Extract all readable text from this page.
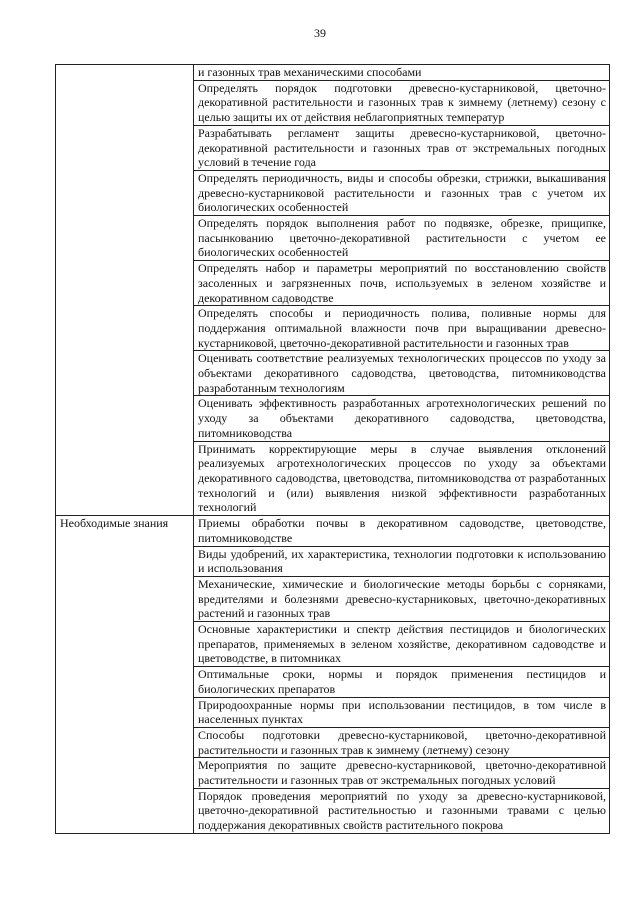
39
	и газонных трав механическими способами
	Определять порядок подготовки древесно-кустарниковой, цветочно-декоративной растительности и газонных трав к зимнему (летнему) сезону с целью защиты их от действия неблагоприятных температур
	Разрабатывать регламент защиты древесно-кустарниковой, цветочно-декоративной растительности и газонных трав от экстремальных погодных условий в течение года
	Определять периодичность, виды и способы обрезки, стрижки, выкашивания древесно-кустарниковой растительности и газонных трав с учетом их биологических особенностей
	Определять порядок выполнения работ по подвязке, обрезке, прищипке, пасынкованию цветочно-декоративной растительности с учетом ее биологических особенностей
	Определять набор и параметры мероприятий по восстановлению свойств засоленных и загрязненных почв, используемых в зеленом хозяйстве и декоративном садоводстве
	Определять способы и периодичность полива, поливные нормы для поддержания оптимальной влажности почв при выращивании древесно-кустарниковой, цветочно-декоративной растительности и газонных трав
	Оценивать соответствие реализуемых технологических процессов по уходу за объектами декоративного садоводства, цветоводства, питомниководства разработанным технологиям
	Оценивать эффективность разработанных агротехнологических решений по уходу за объектами декоративного садоводства, цветоводства, питомниководства
	Принимать корректирующие меры в случае выявления отклонений реализуемых агротехнологических процессов по уходу за объектами декоративного садоводства, цветоводства, питомниководства от разработанных технологий и (или) выявления низкой эффективности разработанных технологий
Необходимые знания	Приемы обработки почвы в декоративном садоводстве, цветоводстве, питомниководстве
	Виды удобрений, их характеристика, технологии подготовки к использованию и использования
	Механические, химические и биологические методы борьбы с сорняками, вредителями и болезнями древесно-кустарниковых, цветочно-декоративных растений и газонных трав
	Основные характеристики и спектр действия пестицидов и биологических препаратов, применяемых в зеленом хозяйстве, декоративном садоводстве и цветоводстве, в питомниках
	Оптимальные сроки, нормы и порядок применения пестицидов и биологических препаратов
	Природоохранные нормы при использовании пестицидов, в том числе в населенных пунктах
	Способы подготовки древесно-кустарниковой, цветочно-декоративной растительности и газонных трав к зимнему (летнему) сезону
	Мероприятия по защите древесно-кустарниковой, цветочно-декоративной растительности и газонных трав от экстремальных погодных условий
	Порядок проведения мероприятий по уходу за древесно-кустарниковой, цветочно-декоративной растительностью и газонными травами с целью поддержания декоративных свойств растительного покрова
